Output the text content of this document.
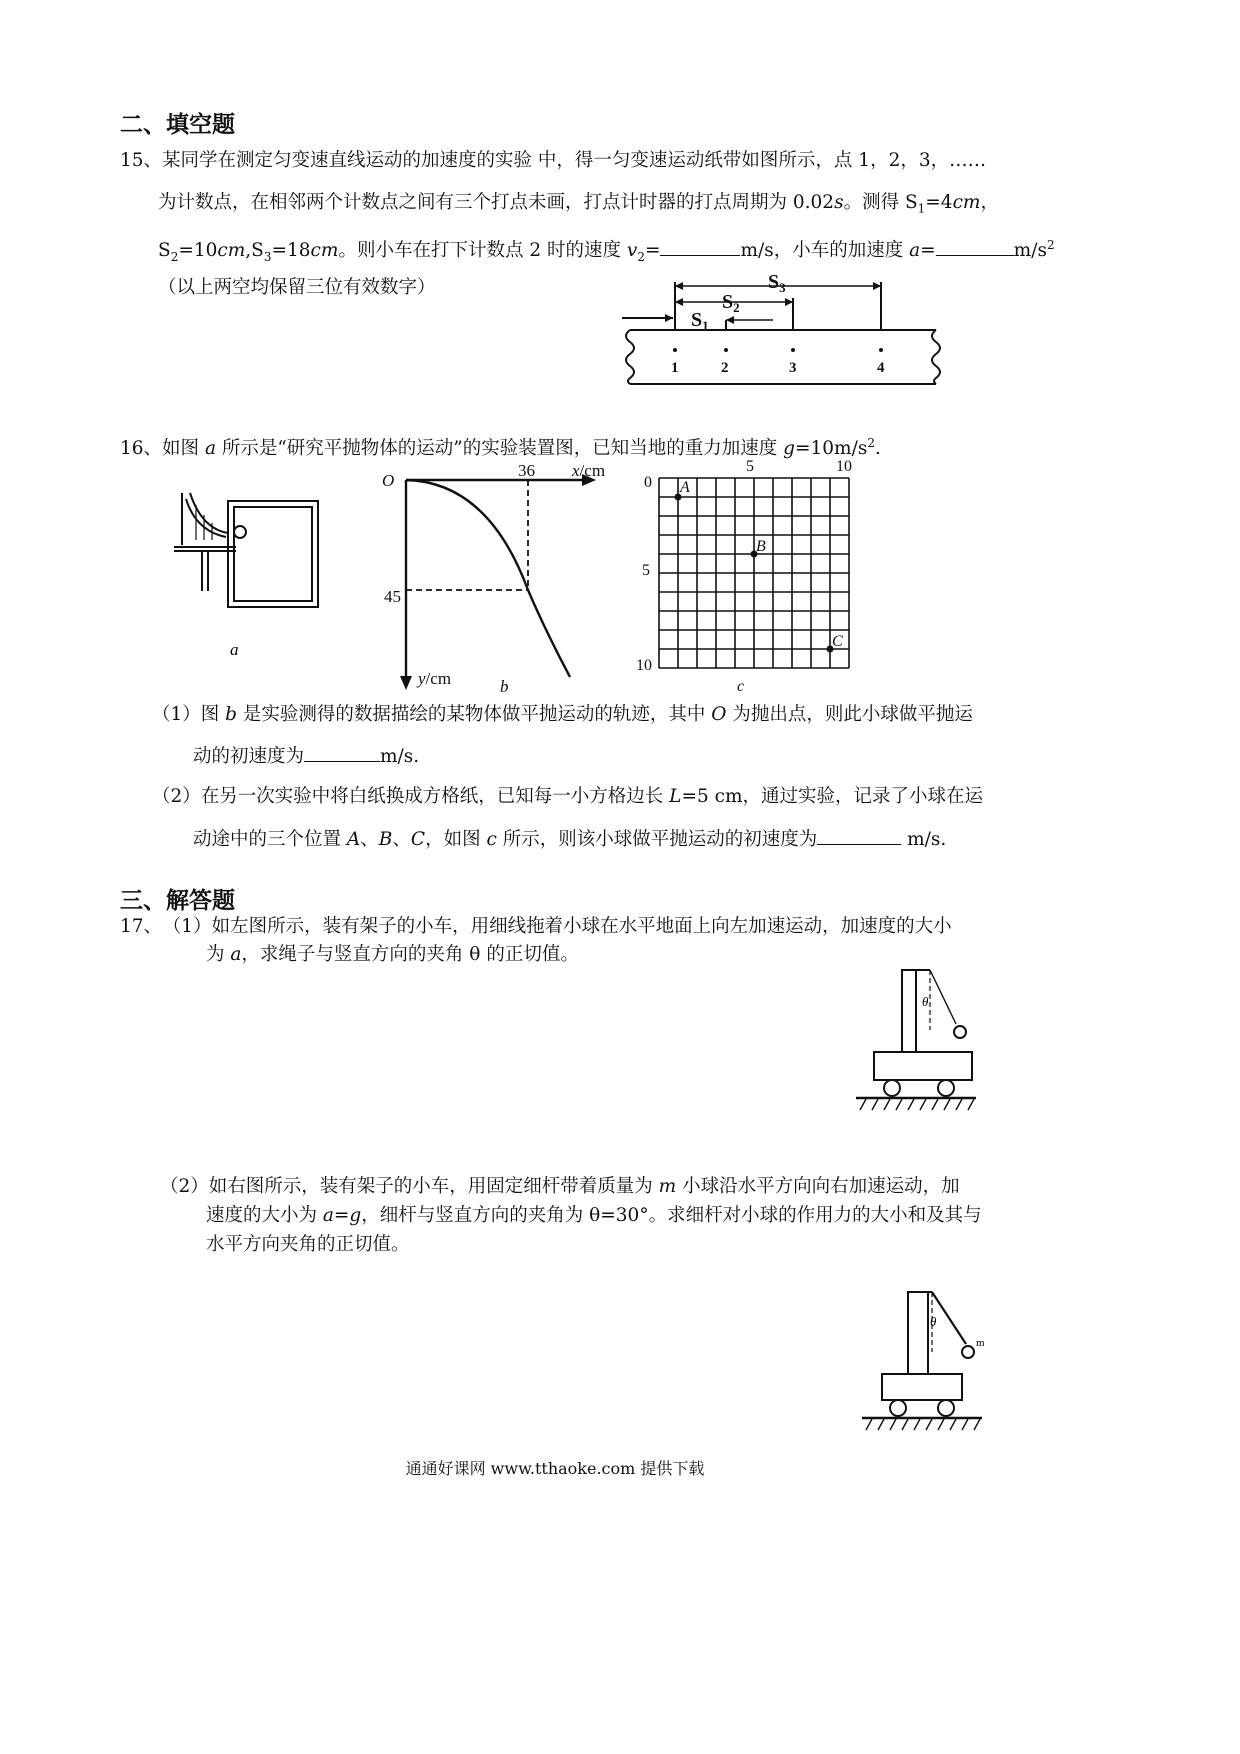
二、填空题
15、某同学在测定匀变速直线运动的加速度的实验 中，得一匀变速运动纸带如图所示，点 1，2，3，……
为计数点，在相邻两个计数点之间有三个打点未画，打点计时器的打点周期为 0.02s。测得 $S_1=4cm$，
$S_2=10cm,S_3=18cm$。则小车在打下计数点 2 时的速度 $v_2=$	m/s，小车的加速度 a=	$m/s^2$
（以上两空均保留三位有效数字）	$S_3$
$S_2$
$S_1$
1	2	3	4
16、如图 a 所示是“研究平抛物体的运动”的实验装置图，已知当地的重力加速度 $g=10m/s^2$.
a
O
36 x/cm
45
y/cm	b
0
5	10
5
10
A
B
C
c
（1）图 b 是实验测得的数据描绘的某物体做平抛运动的轨迹，其中 O 为抛出点，则此小球做平抛运
动的初速度为	m/s.
（2）在另一次实验中将白纸换成方格纸，已知每一小方格边长 L=5 cm，通过实验，记录了小球在运
动途中的三个位置 A、B、C，如图 c 所示，则该小球做平抛运动的初速度为	m/s.
三、解答题
17、 （1）如左图所示，装有架子的小车，用细线拖着小球在水平地面上向左加速运动，加速度的大小
为 a，求绳子与竖直方向的夹角 θ 的正切值。
θ
（2）如右图所示，装有架子的小车，用固定细杆带着质量为 m 小球沿水平方向向右加速运动，加
速度的大小为 a=g，细杆与竖直方向的夹角为 θ=30°。求细杆对小球的作用力的大小和及其与
水平方向夹角的正切值。
θ
m
通通好课网 www.tthaoke.com 提供下载
